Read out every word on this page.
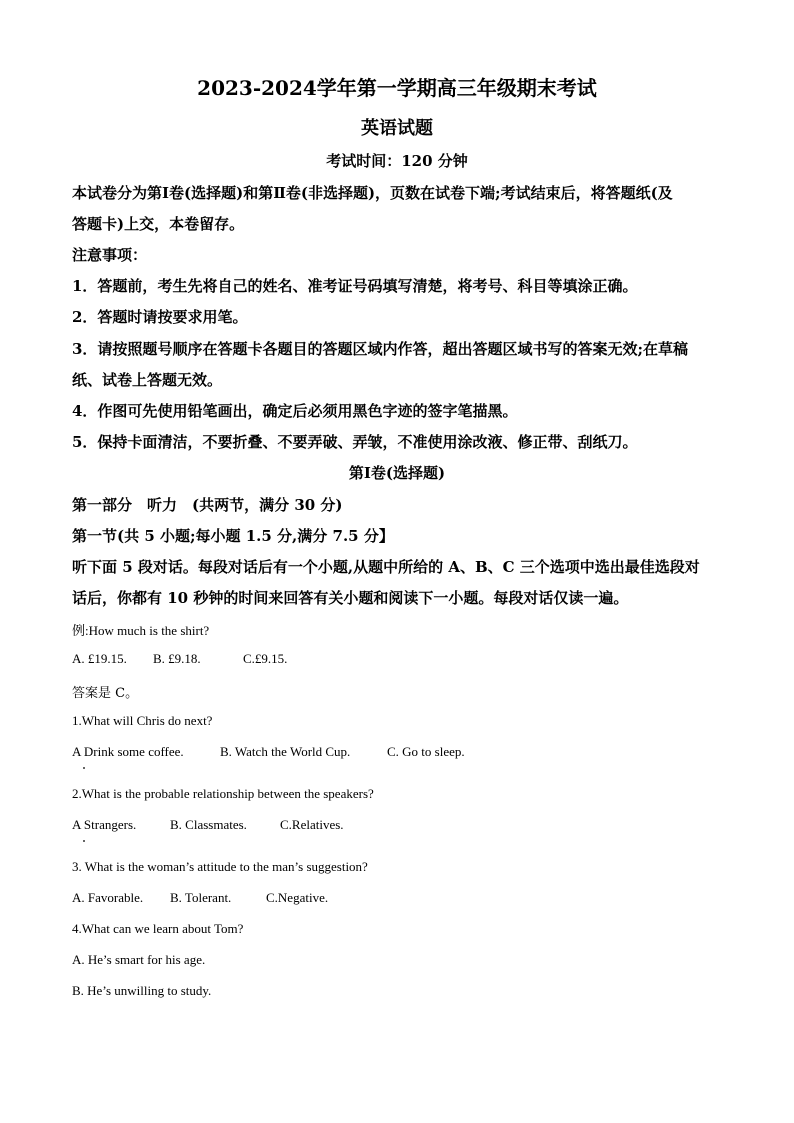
2023-2024学年第一学期高三年级期末考试
英语试题
考试时间：120 分钟
本试卷分为第Ⅰ卷(选择题)和第Ⅱ卷(非选择题)，页数在试卷下端;考试结束后，将答题纸(及
答题卡)上交，本卷留存。
注意事项：
1．答题前，考生先将自己的姓名、准考证号码填写清楚，将考号、科目等填涂正确。
2．答题时请按要求用笔。
3．请按照题号顺序在答题卡各题目的答题区域内作答，超出答题区域书写的答案无效;在草稿
纸、试卷上答题无效。
4．作图可先使用铅笔画出，确定后必须用黑色字迹的签字笔描黑。
5．保持卡面清洁，不要折叠、不要弄破、弄皱，不准使用涂改液、修正带、刮纸刀。
第Ⅰ卷(选择题)
第一部分　听力　(共两节，满分 30 分)
第一节(共 5 小题;每小题 1.5 分,满分 7.5 分】
听下面 5 段对话。每段对话后有一个小题,从题中所给的 A、B、C 三个选项中选出最佳选段对
话后，你都有 10 秒钟的时间来回答有关小题和阅读下一小题。每段对话仅读一遍。
例:How much is the shirt?
A. £19.15. B. £9.18.	C.£9.15.
答案是 C。
1.What will Chris do next?
A Drink some coffee.	B. Watch the World Cup.	C. Go to sleep.
2.What is the probable relationship between the speakers?
A Strangers.	B. Classmates.	C.Relatives.
3. What is the woman’s attitude to the man’s suggestion?
A. Favorable. B. Tolerant.	C.Negative.
4.What can we learn about Tom?
A. He’s smart for his age.
B. He’s unwilling to study.
